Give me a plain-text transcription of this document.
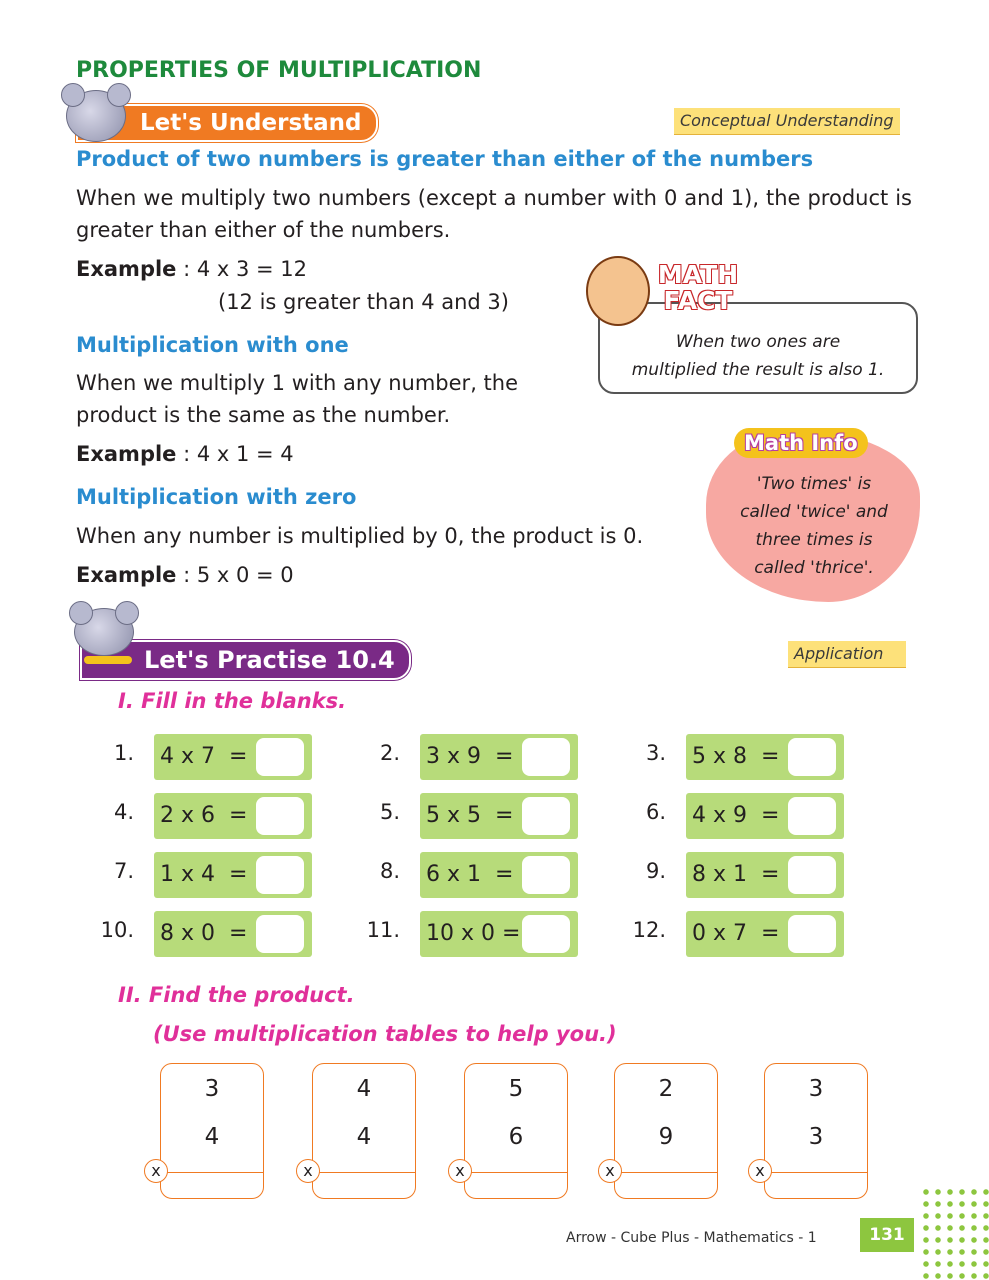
PROPERTIES OF MULTIPLICATION
Let's Understand	Conceptual Understanding
Product of two numbers is greater than either of the numbers
When we multiply two numbers (except a number with 0 and 1), the product is greater than either of the numbers.
Example : 4 x 3 = 12
(12 is greater than 4 and 3)
Multiplication with one
When we multiply 1 with any number, the
product is the same as the number.
Example : 4 x 1 = 4
Multiplication with zero
When any number is multiplied by 0, the product is 0.
Example : 5 x 0 = 0
When two ones are
multiplied the result is also 1.
MATH
FACT
Math Info
'Two times' is
called 'twice' and
three times is
called 'thrice'.
Let's Practise 10.4	Application
I. Fill in the blanks.
1. 4 x 7  =	2. 3 x 9  =	3. 5 x 8  =
4. 2 x 6  =	5. 5 x 5  =	6. 4 x 9  =
7. 1 x 4  =	8. 6 x 1  =	9. 8 x 1  =
10. 8 x 0  =	11. 10 x 0 =	12. 0 x 7  =
II. Find the product.
(Use multiplication tables to help you.)
3
4
x
4
4
x
5
6
x
2
9
x
3
3
x
Arrow - Cube Plus - Mathematics - 1	131
